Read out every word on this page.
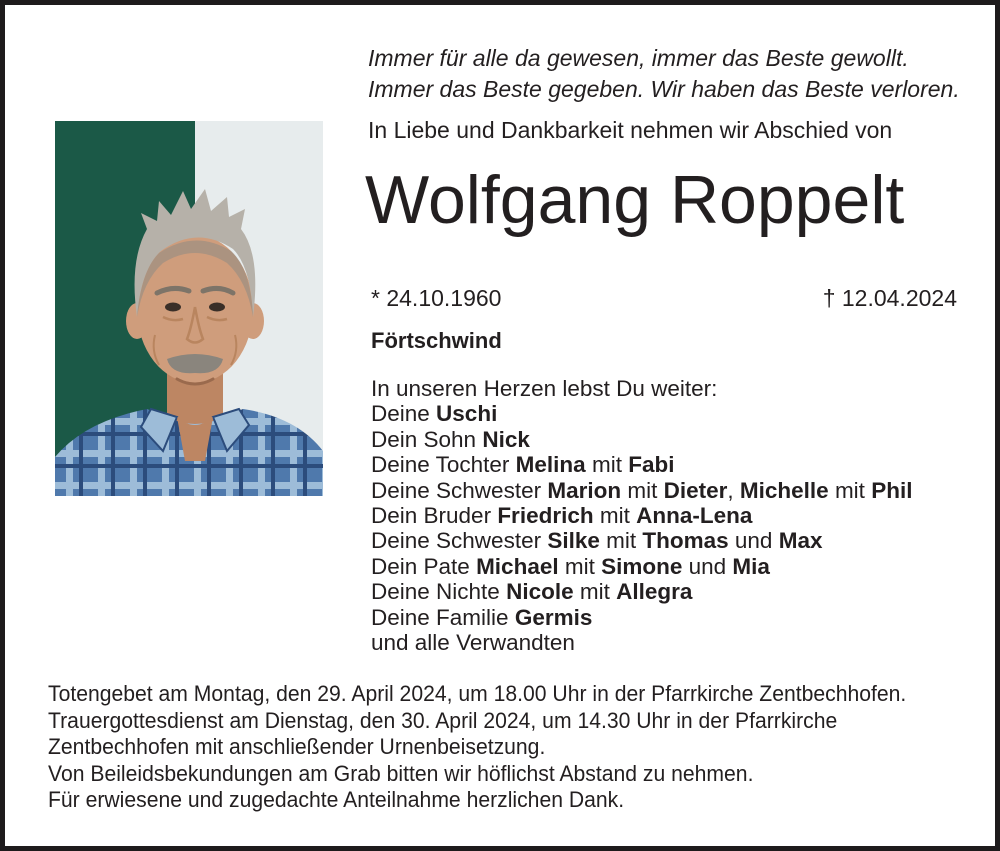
Immer für alle da gewesen, immer das Beste gewollt.
Immer das Beste gegeben. Wir haben das Beste verloren.
In Liebe und Dankbarkeit nehmen wir Abschied von
Wolfgang Roppelt
* 24.10.1960	† 12.04.2024
Förtschwind
In unseren Herzen lebst Du weiter:
Deine Uschi
Dein Sohn Nick
Deine Tochter Melina mit Fabi
Deine Schwester Marion mit Dieter, Michelle mit Phil
Dein Bruder Friedrich mit Anna-Lena
Deine Schwester Silke mit Thomas und Max
Dein Pate Michael mit Simone und Mia
Deine Nichte Nicole mit Allegra
Deine Familie Germis
und alle Verwandten
Totengebet am Montag, den 29. April 2024, um 18.00 Uhr in der Pfarrkirche Zentbechhofen.
Trauergottesdienst am Dienstag, den 30. April 2024, um 14.30 Uhr in der Pfarrkirche
Zentbechhofen mit anschließender Urnenbeisetzung.
Von Beileidsbekundungen am Grab bitten wir höflichst Abstand zu nehmen.
Für erwiesene und zugedachte Anteilnahme herzlichen Dank.
